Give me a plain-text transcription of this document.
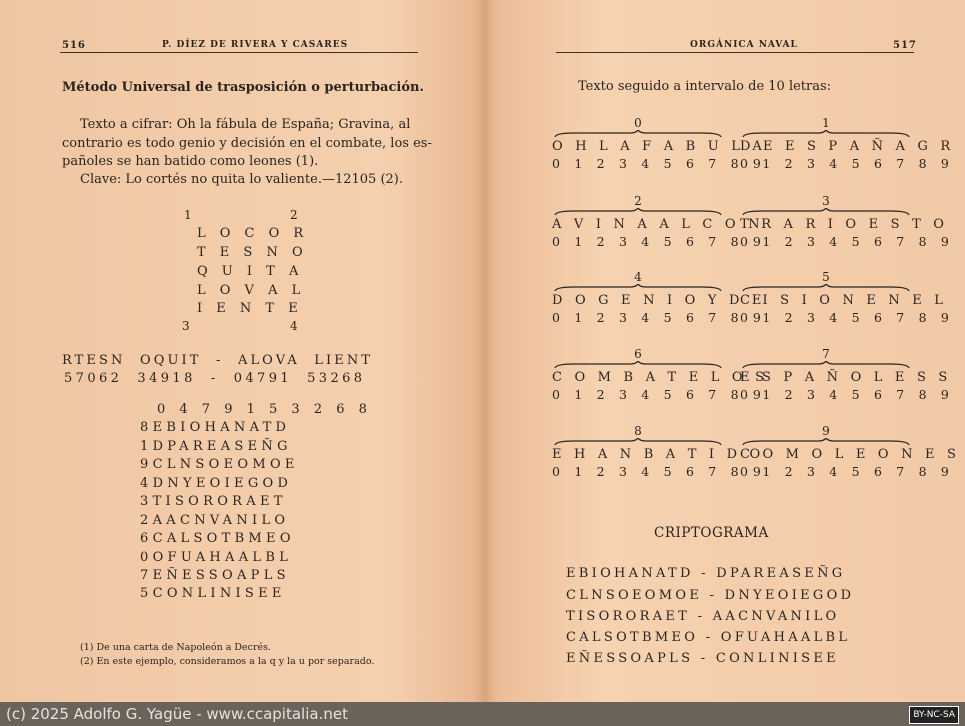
516	P. DÍEZ DE RIVERA Y CASARES
Método Universal de trasposición o perturbación.
Texto a cifrar: Oh la fábula de España; Gravina, al
contrario es todo genio y decisión en el combate, los es-
pañoles se han batido como leones (1).
Clave: Lo cortés no quita lo valiente.—12105 (2).
1	2
L O C O R
T E S N O
Q U I T A
L O V A L
I E N T E
3	4
RTESN  OQUIT  -  ALOVA  LIENT
57062  34918  -  04791  53268
0 4 7 9 1 5 3 2 6 8
8EBIOHANATD
1DPAREASEÑG
9CLNSOEOMOE
4DNYEOIEGOD
3TISORORAET
2AACNVANILO
6CALSOTBMEO
0OFUAHAALBL
7EÑESSOAPLS
5CONLINISEE
(1) De una carta de Napoleón a Decrés.
(2) En este ejemplo, consideramos a la q y la u por separado.
ORGÁNICA NAVAL	517
Texto seguido a intervalo de 10 letras:
0
O H L A F A B U L A
0 1 2 3 4 5 6 7 8 9
1
D E E S P A Ñ A G R
0 1 2 3 4 5 6 7 8 9
2
A V I N A A L C O N
0 1 2 3 4 5 6 7 8 9
3
T R A R I O E S T O
0 1 2 3 4 5 6 7 8 9
4
D O G E N I O Y D E
0 1 2 3 4 5 6 7 8 9
5
C I S I O N E N E L
0 1 2 3 4 5 6 7 8 9
6
C O M B A T E L O S
0 1 2 3 4 5 6 7 8 9
7
E S P A Ñ O L E S S
0 1 2 3 4 5 6 7 8 9
8
E H A N B A T I D O
0 1 2 3 4 5 6 7 8 9
9
C O M O L E O N E S
0 1 2 3 4 5 6 7 8 9
CRIPTOGRAMA
EBIOHANATD - DPAREASEÑG
CLNSOEOMOE - DNYEOIEGOD
TISORORAET - AACNVANILO
CALSOTBMEO - OFUAHAALBL
EÑESSOAPLS - CONLINISEE
(c) 2025 Adolfo G. Yagüe - www.ccapitalia.net	BY-NC-SA
